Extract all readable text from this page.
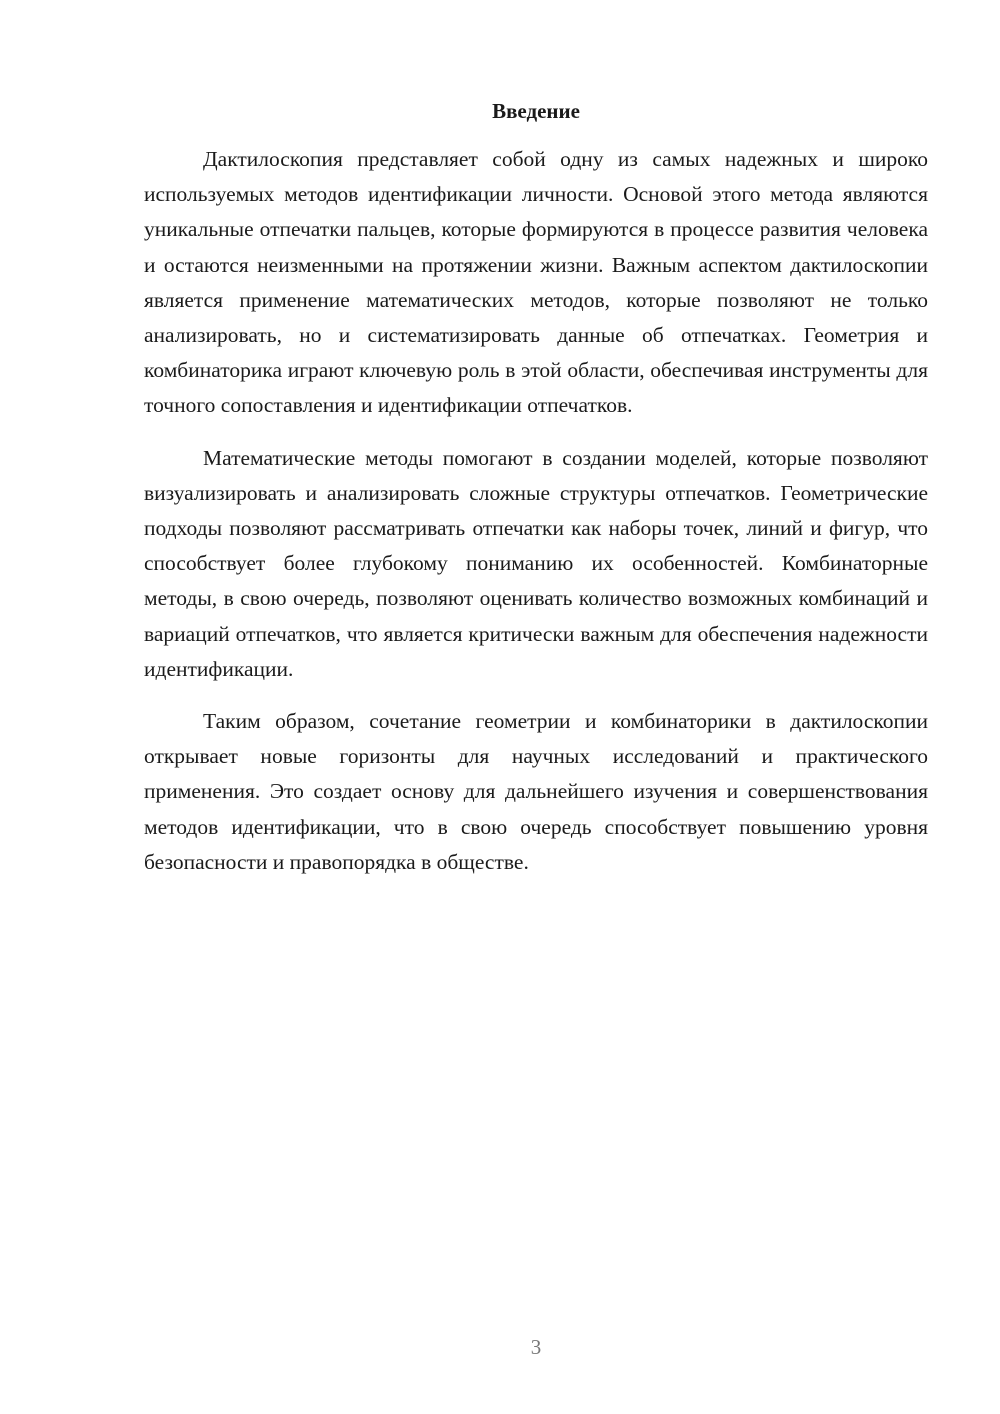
Введение

Дактилоскопия представляет собой одну из самых надежных и широко используемых методов идентификации личности. Основой этого метода являются уникальные отпечатки пальцев, которые формируются в процессе развития человека и остаются неизменными на протяжении жизни. Важным аспектом дактилоскопии является применение математических методов, которые позволяют не только анализировать, но и систематизировать данные об отпечатках. Геометрия и комбинаторика играют ключевую роль в этой области, обеспечивая инструменты для точного сопоставления и идентификации отпечатков.

Математические методы помогают в создании моделей, которые позволяют визуализировать и анализировать сложные структуры отпечатков. Геометрические подходы позволяют рассматривать отпечатки как наборы точек, линий и фигур, что способствует более глубокому пониманию их особенностей. Комбинаторные методы, в свою очередь, позволяют оценивать количество возможных комбинаций и вариаций отпечатков, что является критически важным для обеспечения надежности идентификации.

Таким образом, сочетание геометрии и комбинаторики в дактилоскопии открывает новые горизонты для научных исследований и практического применения. Это создает основу для дальнейшего изучения и совершенствования методов идентификации, что в свою очередь способствует повышению уровня безопасности и правопорядка в обществе.

3
